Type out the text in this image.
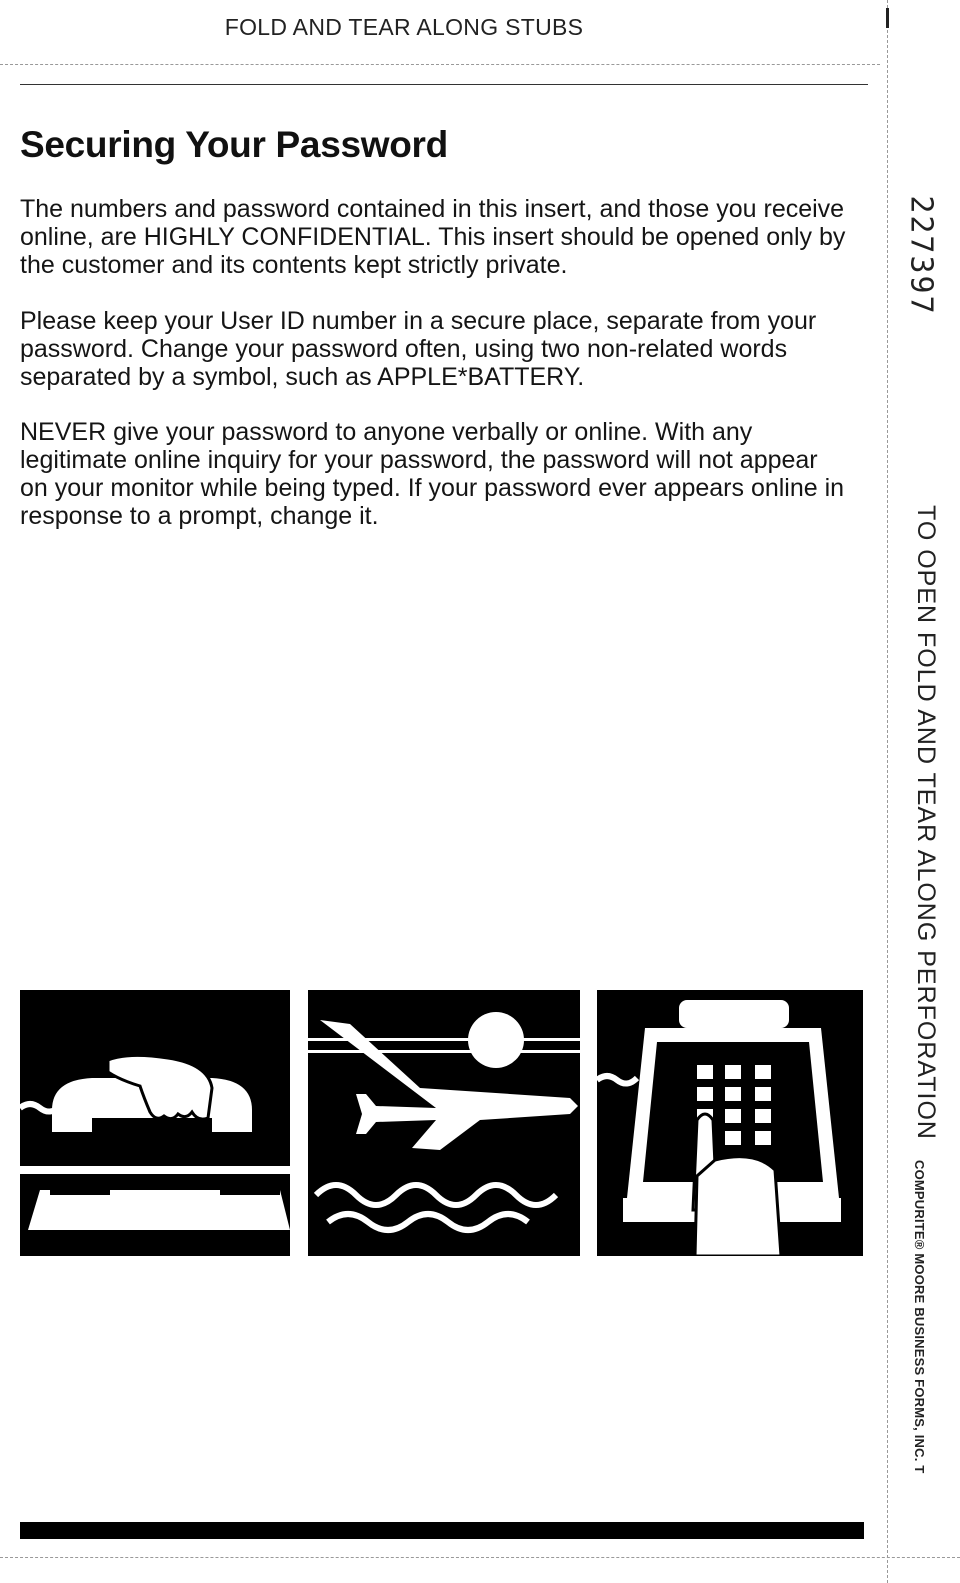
FOLD AND TEAR ALONG STUBS
Securing Your Password

The numbers and password contained in this insert, and those you receive online, are HIGHLY CONFIDENTIAL. This insert should be opened only by the customer and its contents kept strictly private.

Please keep your User ID number in a secure place, separate from your password. Change your password often, using two non-related words separated by a symbol, such as APPLE*BATTERY.

NEVER give your password to anyone verbally or online. With any legitimate online inquiry for your password, the password will not appear on your monitor while being typed. If your password ever appears online in response to a prompt, change it.

227397
TO OPEN FOLD AND TEAR ALONG PERFORATION
COMPURITE® MOORE BUSINESS FORMS, INC. T
